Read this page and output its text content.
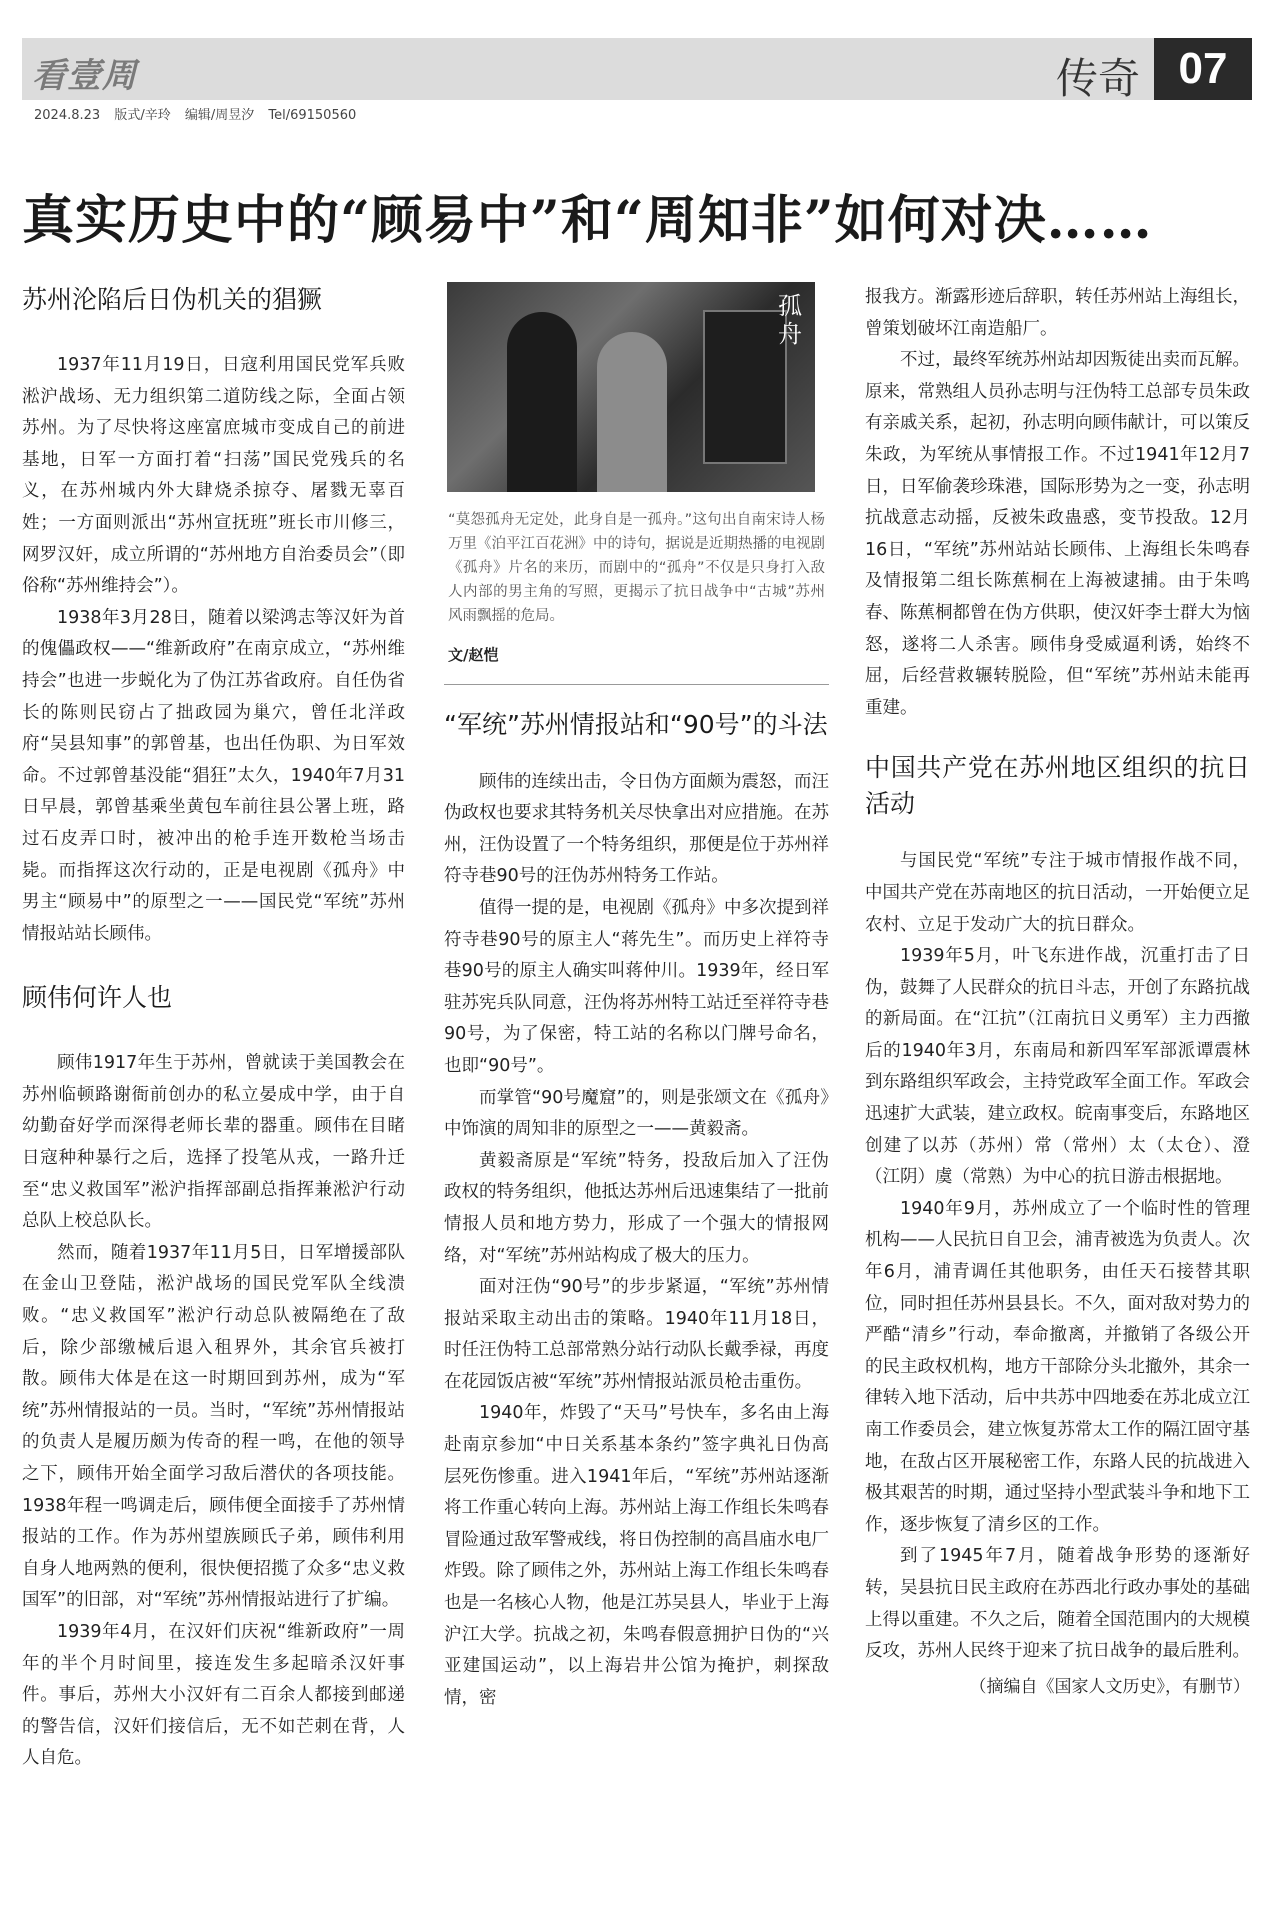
看壹周	传奇 07
2024.8.23 版式/辛玲 编辑/周昱汐 Tel/69150560
真实历史中的“顾易中”和“周知非”如何对决……
苏州沦陷后日伪机关的猖獗

1937年11月19日，日寇利用国民党军兵败淞沪战场、无力组织第二道防线之际，全面占领苏州。为了尽快将这座富庶城市变成自己的前进基地，日军一方面打着“扫荡”国民党残兵的名义，在苏州城内外大肆烧杀掠夺、屠戮无辜百姓；一方面则派出“苏州宣抚班”班长市川修三，网罗汉奸，成立所谓的“苏州地方自治委员会”（即俗称“苏州维持会”）。

1938年3月28日，随着以梁鸿志等汉奸为首的傀儡政权——“维新政府”在南京成立，“苏州维持会”也进一步蜕化为了伪江苏省政府。自任伪省长的陈则民窃占了拙政园为巢穴，曾任北洋政府“吴县知事”的郭曾基，也出任伪职、为日军效命。不过郭曾基没能“猖狂”太久，1940年7月31日早晨，郭曾基乘坐黄包车前往县公署上班，路过石皮弄口时，被冲出的枪手连开数枪当场击毙。而指挥这次行动的，正是电视剧《孤舟》中男主“顾易中”的原型之一——国民党“军统”苏州情报站站长顾伟。

顾伟何许人也

顾伟1917年生于苏州，曾就读于美国教会在苏州临顿路谢衙前创办的私立晏成中学，由于自幼勤奋好学而深得老师长辈的器重。顾伟在目睹日寇种种暴行之后，选择了投笔从戎，一路升迁至“忠义救国军”淞沪指挥部副总指挥兼淞沪行动总队上校总队长。

然而，随着1937年11月5日，日军增援部队在金山卫登陆，淞沪战场的国民党军队全线溃败。“忠义救国军”淞沪行动总队被隔绝在了敌后，除少部缴械后退入租界外，其余官兵被打散。顾伟大体是在这一时期回到苏州，成为“军统”苏州情报站的一员。当时，“军统”苏州情报站的负责人是履历颇为传奇的程一鸣，在他的领导之下，顾伟开始全面学习敌后潜伏的各项技能。1938年程一鸣调走后，顾伟便全面接手了苏州情报站的工作。作为苏州望族顾氏子弟，顾伟利用自身人地两熟的便利，很快便招揽了众多“忠义救国军”的旧部，对“军统”苏州情报站进行了扩编。

1939年4月，在汉奸们庆祝“维新政府”一周年的半个月时间里，接连发生多起暗杀汉奸事件。事后，苏州大小汉奸有二百余人都接到邮递的警告信，汉奸们接信后，无不如芒刺在背，人人自危。

孤舟
“莫怨孤舟无定处，此身自是一孤舟。”这句出自南宋诗人杨万里《泊平江百花洲》中的诗句，据说是近期热播的电视剧《孤舟》片名的来历，而剧中的“孤舟”不仅是只身打入敌人内部的男主角的写照，更揭示了抗日战争中“古城”苏州风雨飘摇的危局。
文/赵恺
“军统”苏州情报站和“90号”的斗法

顾伟的连续出击，令日伪方面颇为震怒，而汪伪政权也要求其特务机关尽快拿出对应措施。在苏州，汪伪设置了一个特务组织，那便是位于苏州祥符寺巷90号的汪伪苏州特务工作站。

值得一提的是，电视剧《孤舟》中多次提到祥符寺巷90号的原主人“蒋先生”。而历史上祥符寺巷90号的原主人确实叫蒋仲川。1939年，经日军驻苏宪兵队同意，汪伪将苏州特工站迁至祥符寺巷90号，为了保密，特工站的名称以门牌号命名，也即“90号”。

而掌管“90号魔窟”的，则是张颂文在《孤舟》中饰演的周知非的原型之一——黄毅斋。

黄毅斋原是“军统”特务，投敌后加入了汪伪政权的特务组织，他抵达苏州后迅速集结了一批前情报人员和地方势力，形成了一个强大的情报网络，对“军统”苏州站构成了极大的压力。

面对汪伪“90号”的步步紧逼，“军统”苏州情报站采取主动出击的策略。1940年11月18日，时任汪伪特工总部常熟分站行动队长戴季禄，再度在花园饭店被“军统”苏州情报站派员枪击重伤。

1940年，炸毁了“天马”号快车，多名由上海赴南京参加“中日关系基本条约”签字典礼日伪高层死伤惨重。进入1941年后，“军统”苏州站逐渐将工作重心转向上海。苏州站上海工作组长朱鸣春冒险通过敌军警戒线，将日伪控制的高昌庙水电厂炸毁。除了顾伟之外，苏州站上海工作组长朱鸣春也是一名核心人物，他是江苏吴县人，毕业于上海沪江大学。抗战之初，朱鸣春假意拥护日伪的“兴亚建国运动”，以上海岩井公馆为掩护，刺探敌情，密

报我方。渐露形迹后辞职，转任苏州站上海组长，曾策划破坏江南造船厂。

不过，最终军统苏州站却因叛徒出卖而瓦解。原来，常熟组人员孙志明与汪伪特工总部专员朱政有亲戚关系，起初，孙志明向顾伟献计，可以策反朱政，为军统从事情报工作。不过1941年12月7日，日军偷袭珍珠港，国际形势为之一变，孙志明抗战意志动摇，反被朱政蛊惑，变节投敌。12月16日，“军统”苏州站站长顾伟、上海组长朱鸣春及情报第二组长陈蕉桐在上海被逮捕。由于朱鸣春、陈蕉桐都曾在伪方供职，使汉奸李士群大为恼怒，遂将二人杀害。顾伟身受威逼利诱，始终不屈，后经营救辗转脱险，但“军统”苏州站未能再重建。

中国共产党在苏州地区组织的抗日活动

与国民党“军统”专注于城市情报作战不同，中国共产党在苏南地区的抗日活动，一开始便立足农村、立足于发动广大的抗日群众。

1939年5月，叶飞东进作战，沉重打击了日伪，鼓舞了人民群众的抗日斗志，开创了东路抗战的新局面。在“江抗”（江南抗日义勇军）主力西撤后的1940年3月，东南局和新四军军部派谭震林到东路组织军政会，主持党政军全面工作。军政会迅速扩大武装，建立政权。皖南事变后，东路地区创建了以苏（苏州）常（常州）太（太仓）、澄（江阴）虞（常熟）为中心的抗日游击根据地。

1940年9月，苏州成立了一个临时性的管理机构——人民抗日自卫会，浦青被选为负责人。次年6月，浦青调任其他职务，由任天石接替其职位，同时担任苏州县县长。不久，面对敌对势力的严酷“清乡”行动，奉命撤离，并撤销了各级公开的民主政权机构，地方干部除分头北撤外，其余一律转入地下活动，后中共苏中四地委在苏北成立江南工作委员会，建立恢复苏常太工作的隔江固守基地，在敌占区开展秘密工作，东路人民的抗战进入极其艰苦的时期，通过坚持小型武装斗争和地下工作，逐步恢复了清乡区的工作。

到了1945年7月，随着战争形势的逐渐好转，吴县抗日民主政府在苏西北行政办事处的基础上得以重建。不久之后，随着全国范围内的大规模反攻，苏州人民终于迎来了抗日战争的最后胜利。

（摘编自《国家人文历史》，有删节）
